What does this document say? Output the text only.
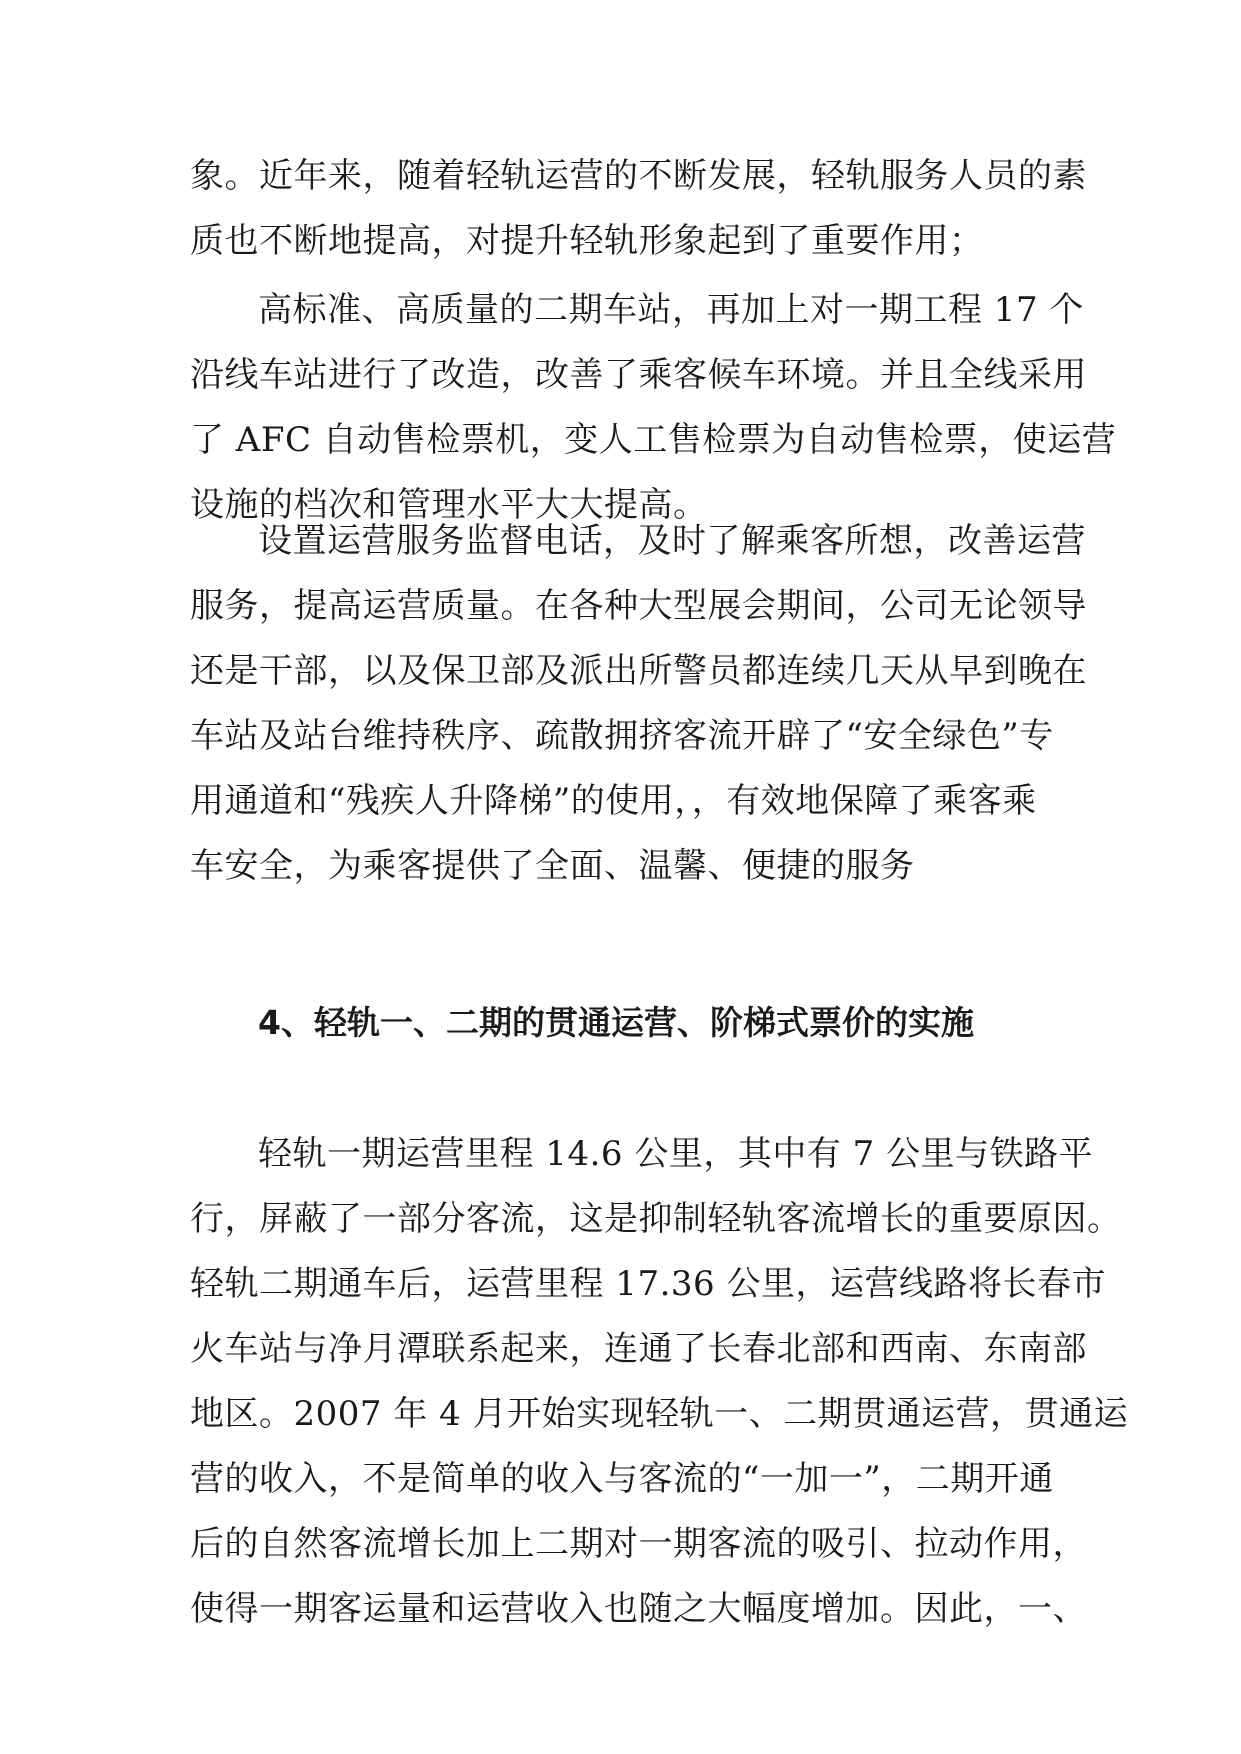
象。近年来，随着轻轨运营的不断发展，轻轨服务人员的素
质也不断地提高，对提升轻轨形象起到了重要作用；

高标准、高质量的二期车站，再加上对一期工程 17 个
沿线车站进行了改造，改善了乘客候车环境。并且全线采用
了 AFC 自动售检票机，变人工售检票为自动售检票，使运营
设施的档次和管理水平大大提高。

设置运营服务监督电话，及时了解乘客所想，改善运营
服务，提高运营质量。在各种大型展会期间，公司无论领导
还是干部，以及保卫部及派出所警员都连续几天从早到晚在
车站及站台维持秩序、疏散拥挤客流开辟了“安全绿色”专
用通道和“残疾人升降梯”的使用，，有效地保障了乘客乘
车安全，为乘客提供了全面、温馨、便捷的服务

4、轻轨一、二期的贯通运营、阶梯式票价的实施

轻轨一期运营里程 14.6 公里，其中有 7 公里与铁路平
行，屏蔽了一部分客流，这是抑制轻轨客流增长的重要原因。
轻轨二期通车后，运营里程 17.36 公里，运营线路将长春市
火车站与净月潭联系起来，连通了长春北部和西南、东南部
地区。2007 年 4 月开始实现轻轨一、二期贯通运营，贯通运
营的收入，不是简单的收入与客流的“一加一”，二期开通
后的自然客流增长加上二期对一期客流的吸引、拉动作用，
使得一期客运量和运营收入也随之大幅度增加。因此，一、
